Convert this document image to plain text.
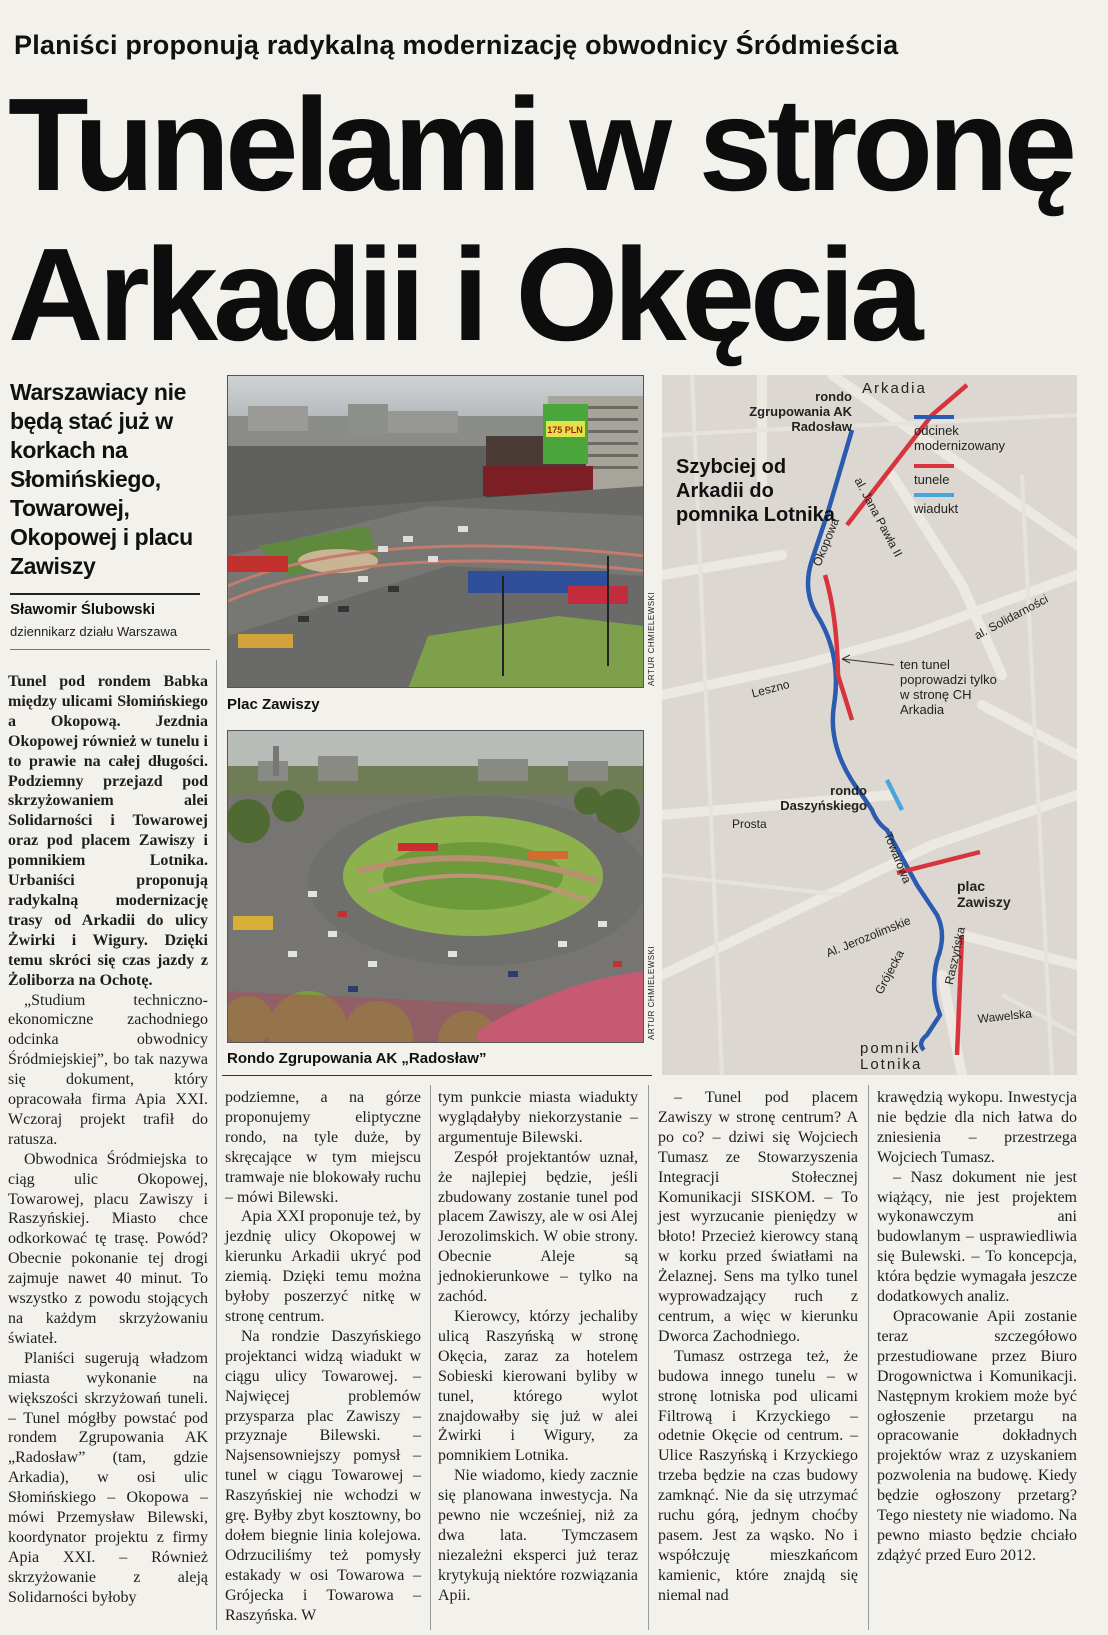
Planiści proponują radykalną modernizację obwodnicy Śródmieścia
Tunelami w stronę
Arkadii i Okęcia
Warszawiacy nie będą stać już w korkach na Słomińskiego, Towarowej, Okopowej i placu Zawiszy
Sławomir Ślubowski
dziennikarz działu Warszawa
175 PLN
ARTUR CHMIELEWSKI
Plac Zawiszy
ARTUR CHMIELEWSKI
Rondo Zgrupowania AK „Radosław”
Szybciej od Arkadii do pomnika Lotnika
odcinek modernizowany
tunele
wiadukt
Arkadia
rondo Zgrupowania AK Radosław
al. Jana Pawła II
Okopowa
al. Solidarności
ten tunel poprowadzi tylko w stronę CH Arkadia
Leszno
rondo Daszyńskiego
Prosta
Towarowa
plac Zawiszy
Al. Jerozolimskie
Grójecka	Raszyńska
Wawelska
pomnik
Lotnika

Tunel pod rondem Babka między ulicami Słomińskiego a Okopową. Jezdnia Okopowej również w tunelu i to prawie na całej długości. Podziemny przejazd pod skrzyżowaniem alei Solidarności i Towarowej oraz pod placem Zawiszy i pomnikiem Lotnika. Urbaniści proponują radykalną modernizację trasy od Arkadii do ulicy Żwirki i Wigury. Dzięki temu skróci się czas jazdy z Żoliborza na Ochotę.

„Studium techniczno-ekonomiczne zachodniego odcinka obwodnicy Śródmiejskiej”, bo tak nazywa się dokument, który opracowała firma Apia XXI. Wczoraj projekt trafił do ratusza.

Obwodnica Śródmiejska to ciąg ulic Okopowej, Towarowej, placu Zawiszy i Raszyńskiej. Miasto chce odkorkować tę trasę. Powód? Obecnie pokonanie tej drogi zajmuje nawet 40 minut. To wszystko z powodu stojących na każdym skrzyżowaniu świateł.

Planiści sugerują władzom miasta wykonanie na większości skrzyżowań tuneli. – Tunel mógłby powstać pod rondem Zgrupowania AK „Radosław” (tam, gdzie Arkadia), w osi ulic Słomińskiego – Okopowa – mówi Przemysław Bilewski, koordynator projektu z firmy Apia XXI. – Również skrzyżowanie z aleją Solidarności byłoby

podziemne, a na górze proponujemy eliptyczne rondo, na tyle duże, by skręcające w tym miejscu tramwaje nie blokowały ruchu – mówi Bilewski.

Apia XXI proponuje też, by jezdnię ulicy Okopowej w kierunku Arkadii ukryć pod ziemią. Dzięki temu można byłoby poszerzyć nitkę w stronę centrum.

Na rondzie Daszyńskiego projektanci widzą wiadukt w ciągu ulicy Towarowej. – Najwięcej problemów przysparza plac Zawiszy – przyznaje Bilewski. – Najsensowniejszy pomysł – tunel w ciągu Towarowej – Raszyńskiej nie wchodzi w grę. Byłby zbyt kosztowny, bo dołem biegnie linia kolejowa. Odrzuciliśmy też pomysły estakady w osi Towarowa – Grójecka i Towarowa – Raszyńska. W

tym punkcie miasta wiadukty wyglądałyby niekorzystanie – argumentuje Bilewski.

Zespół projektantów uznał, że najlepiej będzie, jeśli zbudowany zostanie tunel pod placem Zawiszy, ale w osi Alej Jerozolimskich. W obie strony. Obecnie Aleje są jednokierunkowe – tylko na zachód.

Kierowcy, którzy jechaliby ulicą Raszyńską w stronę Okęcia, zaraz za hotelem Sobieski kierowani byliby w tunel, którego wylot znajdowałby się już w alei Żwirki i Wigury, za pomnikiem Lotnika.

Nie wiadomo, kiedy zacznie się planowana inwestycja. Na pewno nie wcześniej, niż za dwa lata. Tymczasem niezależni eksperci już teraz krytykują niektóre rozwiązania Apii.

– Tunel pod placem Zawiszy w stronę centrum? A po co? – dziwi się Wojciech Tumasz ze Stowarzyszenia Integracji Stołecznej Komunikacji SISKOM. – To jest wyrzucanie pieniędzy w błoto! Przecież kierowcy staną w korku przed światłami na Żelaznej. Sens ma tylko tunel wyprowadzający ruch z centrum, a więc w kierunku Dworca Zachodniego.

Tumasz ostrzega też, że budowa innego tunelu – w stronę lotniska pod ulicami Filtrową i Krzyckiego – odetnie Okęcie od centrum. – Ulice Raszyńską i Krzyckiego trzeba będzie na czas budowy zamknąć. Nie da się utrzymać ruchu górą, jednym choćby pasem. Jest za wąsko. No i współczuję mieszkańcom kamienic, które znajdą się niemal nad

krawędzią wykopu. Inwestycja nie będzie dla nich łatwa do zniesienia – przestrzega Wojciech Tumasz.

– Nasz dokument nie jest wiążący, nie jest projektem wykonawczym ani budowlanym – usprawiedliwia się Bulewski. – To koncepcja, która będzie wymagała jeszcze dodatkowych analiz.

Opracowanie Apii zostanie teraz szczegółowo przestudiowane przez Biuro Drogownictwa i Komunikacji. Następnym krokiem może być ogłoszenie przetargu na opracowanie dokładnych projektów wraz z uzyskaniem pozwolenia na budowę. Kiedy będzie ogłoszony przetarg? Tego niestety nie wiadomo. Na pewno miasto będzie chciało zdążyć przed Euro 2012.
